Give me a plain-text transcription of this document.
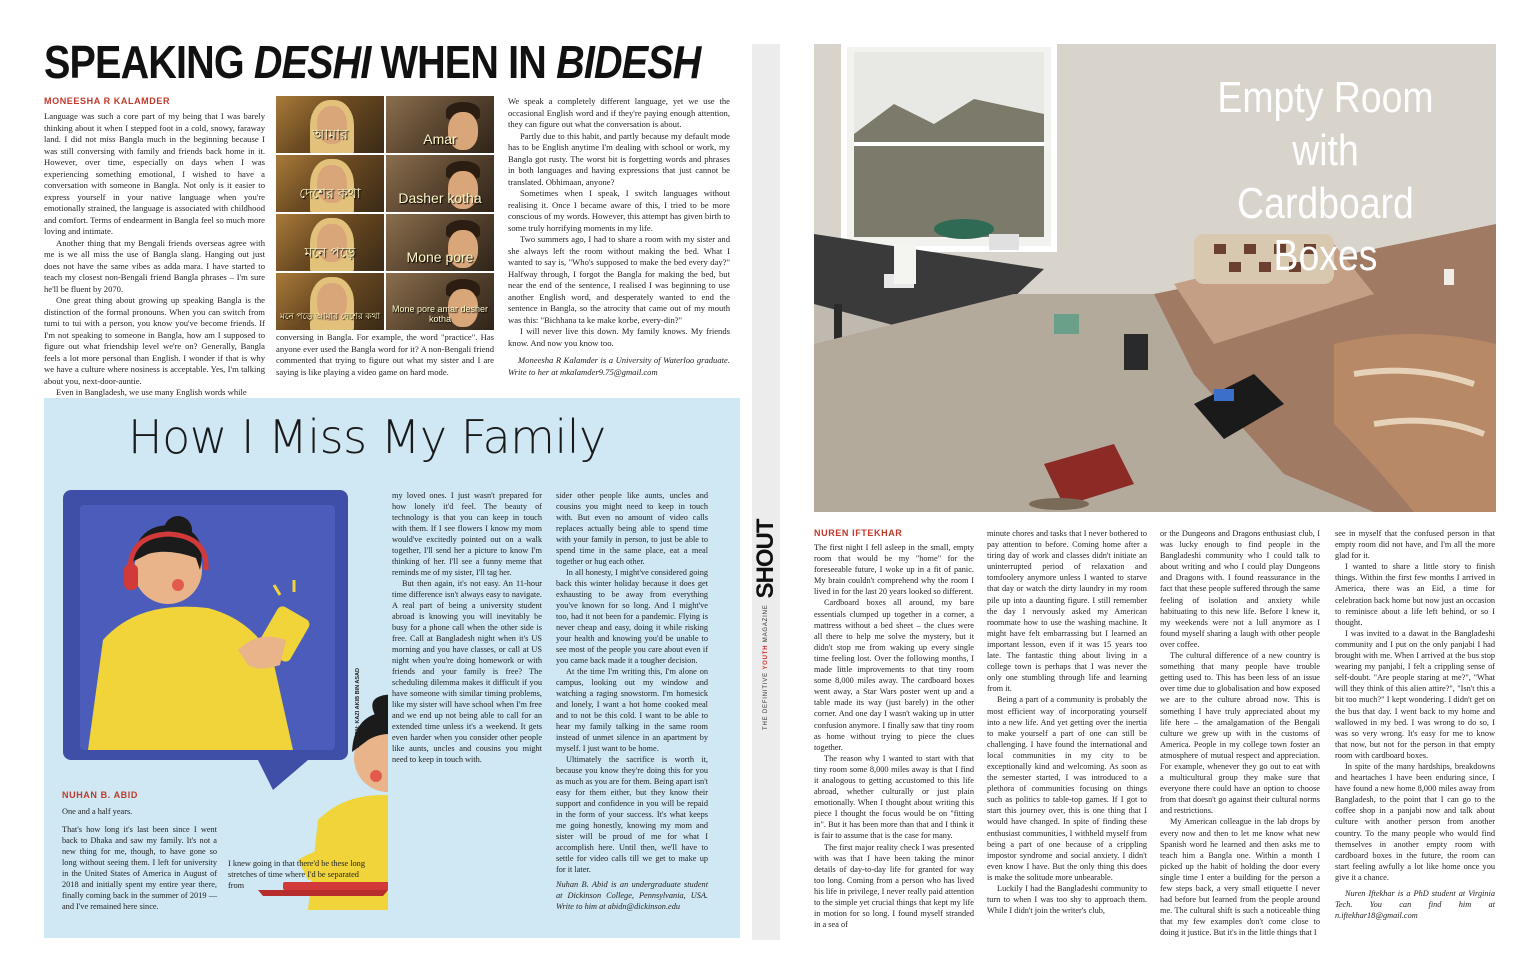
SPEAKING DESHI WHEN IN BIDESH
MONEESHA R KALAMDER

Language was such a core part of my being that I was barely thinking about it when I stepped foot in a cold, snowy, faraway land. I did not miss Bangla much in the beginning because I was still conversing with family and friends back home in it. However, over time, especially on days when I was experiencing something emotional, I wished to have a conversation with someone in Bangla. Not only is it easier to express yourself in your native language when you're emotionally strained, the language is associated with childhood and comfort. Terms of endearment in Bangla feel so much more loving and intimate.

Another thing that my Bengali friends overseas agree with me is we all miss the use of Bangla slang. Hanging out just does not have the same vibes as adda mara. I have started to teach my closest non-Bengali friend Bangla phrases – I'm sure he'll be fluent by 2070.

One great thing about growing up speaking Bangla is the distinction of the formal pronouns. When you can switch from tumi to tui with a person, you know you've become friends. If I'm not speaking to someone in Bangla, how am I supposed to figure out what friendship level we're on? Generally, Bangla feels a lot more personal than English. I wonder if that is why we have a culture where nosiness is acceptable. Yes, I'm talking about you, next-door-auntie.

Even in Bangladesh, we use many English words while

আমার	Amar
দেশের কথা	Dasher kotha
মনে পড়ে	Mone pore
মনে পড়ে আমার দেশের কথা
Mone pore amar desher kotha

conversing in Bangla. For example, the word "practice". Has anyone ever used the Bangla word for it? A non-Bengali friend commented that trying to figure out what my sister and I are saying is like playing a video game on hard mode.

We speak a completely different language, yet we use the occasional English word and if they're paying enough attention, they can figure out what the conversation is about.

Partly due to this habit, and partly because my default mode has to be English anytime I'm dealing with school or work, my Bangla got rusty. The worst bit is forgetting words and phrases in both languages and having expressions that just cannot be translated. Obhimaan, anyone?

Sometimes when I speak, I switch languages without realising it. Once I became aware of this, I tried to be more conscious of my words. However, this attempt has given birth to some truly horrifying moments in my life.

Two summers ago, I had to share a room with my sister and she always left the room without making the bed. What I wanted to say is, "Who's supposed to make the bed every day?" Halfway through, I forgot the Bangla for making the bed, but near the end of the sentence, I realised I was beginning to use another English word, and desperately wanted to end the sentence in Bangla, so the atrocity that came out of my mouth was this: "Bichhana ta ke make korbe, every-din?"

I will never live this down. My family knows. My friends know. And now you know too.

Moneesha R Kalamder is a University of Waterloo graduate. Write to her at mkalamder9.75@gmail.com

How I Miss My Family
DESIGN: KAZI AKIB BIN ASAD
NUHAN B. ABID

One and a half years.

That's how long it's last been since I went back to Dhaka and saw my family. It's not a new thing for me, though, to have gone so long without seeing them. I left for university in the United States of America in August of 2018 and initially spent my entire year there, finally coming back in the summer of 2019 — and I've remained here since.

I knew going in that there'd be these long stretches of time where I'd be separated from

my loved ones. I just wasn't prepared for how lonely it'd feel. The beauty of technology is that you can keep in touch with them. If I see flowers I know my mom would've excitedly pointed out on a walk together, I'll send her a picture to know I'm thinking of her. I'll see a funny meme that reminds me of my sister, I'll tag her.

But then again, it's not easy. An 11-hour time difference isn't always easy to navigate. A real part of being a university student abroad is knowing you will inevitably be busy for a phone call when the other side is free. Call at Bangladesh night when it's US morning and you have classes, or call at US night when you're doing homework or with friends and your family is free? The scheduling dilemma makes it difficult if you have someone with similar timing problems, like my sister will have school when I'm free and we end up not being able to call for an extended time unless it's a weekend. It gets even harder when you consider other people like aunts, uncles and cousins you might need to keep in touch with.

sider other people like aunts, uncles and cousins you might need to keep in touch with. But even no amount of video calls replaces actually being able to spend time with your family in person, to just be able to spend time in the same place, eat a meal together or hug each other.

In all honesty, I might've considered going back this winter holiday because it does get exhausting to be away from everything you've known for so long. And I might've too, had it not been for a pandemic. Flying is never cheap and easy, doing it while risking your health and knowing you'd be unable to see most of the people you care about even if you came back made it a tougher decision.

At the time I'm writing this, I'm alone on campus, looking out my window and watching a raging snowstorm. I'm homesick and lonely, I want a hot home cooked meal and to not be this cold. I want to be able to hear my family talking in the same room instead of unmet silence in an apartment by myself. I just want to be home.

Ultimately the sacrifice is worth it, because you know they're doing this for you as much as you are for them. Being apart isn't easy for them either, but they know their support and confidence in you will be repaid in the form of your success. It's what keeps me going honestly, knowing my mom and sister will be proud of me for what I accomplish here. Until then, we'll have to settle for video calls till we get to make up for it later.

Nuhan B. Abid is an undergraduate student at Dickinson College, Pennsylvania, USA. Write to him at abidn@dickinson.edu

THE DEFINITIVE YOUTH MAGAZINE
SHOUT
Empty Room with
Cardboard Boxes
NUREN IFTEKHAR

The first night I fell asleep in the small, empty room that would be my "home" for the foreseeable future, I woke up in a fit of panic. My brain couldn't comprehend why the room I lived in for the last 20 years looked so different.

Cardboard boxes all around, my bare essentials clumped up together in a corner, a mattress without a bed sheet – the clues were all there to help me solve the mystery, but it didn't stop me from waking up every single time feeling lost. Over the following months, I made little improvements to that tiny room some 8,000 miles away. The cardboard boxes went away, a Star Wars poster went up and a table made its way (just barely) in the other corner. And one day I wasn't waking up in utter confusion anymore. I finally saw that tiny room as home without trying to piece the clues together.

The reason why I wanted to start with that tiny room some 8,000 miles away is that I find it analogous to getting accustomed to this life abroad, whether culturally or just plain emotionally. When I thought about writing this piece I thought the focus would be on "fitting in". But it has been more than that and I think it is fair to assume that is the case for many.

The first major reality check I was presented with was that I have been taking the minor details of day-to-day life for granted for way too long. Coming from a person who has lived his life in privilege, I never really paid attention to the simple yet crucial things that kept my life in motion for so long. I found myself stranded in a sea of

minute chores and tasks that I never bothered to pay attention to before. Coming home after a tiring day of work and classes didn't initiate an uninterrupted period of relaxation and tomfoolery anymore unless I wanted to starve that day or watch the dirty laundry in my room pile up into a daunting figure. I still remember the day I nervously asked my American roommate how to use the washing machine. It might have felt embarrassing but I learned an important lesson, even if it was 15 years too late. The fantastic thing about living in a college town is perhaps that I was never the only one stumbling through life and learning from it.

Being a part of a community is probably the most efficient way of incorporating yourself into a new life. And yet getting over the inertia to make yourself a part of one can still be challenging. I have found the international and local communities in my city to be exceptionally kind and welcoming. As soon as the semester started, I was introduced to a plethora of communities focusing on things such as politics to table-top games. If I got to start this journey over, this is one thing that I would have changed. In spite of finding these enthusiast communities, I withheld myself from being a part of one because of a crippling impostor syndrome and social anxiety. I didn't even know I have. But the only thing this does is make the solitude more unbearable.

Luckily I had the Bangladeshi community to turn to when I was too shy to approach them. While I didn't join the writer's club,

or the Dungeons and Dragons enthusiast club, I was lucky enough to find people in the Bangladeshi community who I could talk to about writing and who I could play Dungeons and Dragons with. I found reassurance in the fact that these people suffered through the same feeling of isolation and anxiety while habituating to this new life. Before I knew it, my weekends were not a lull anymore as I found myself sharing a laugh with other people over coffee.

The cultural difference of a new country is something that many people have trouble getting used to. This has been less of an issue over time due to globalisation and how exposed we are to the culture abroad now. This is something I have truly appreciated about my life here – the amalgamation of the Bengali culture we grew up with in the customs of America. People in my college town foster an atmosphere of mutual respect and appreciation. For example, whenever they go out to eat with a multicultural group they make sure that everyone there could have an option to choose from that doesn't go against their cultural norms and restrictions.

My American colleague in the lab drops by every now and then to let me know what new Spanish word he learned and then asks me to teach him a Bangla one. Within a month I picked up the habit of holding the door every single time I enter a building for the person a few steps back, a very small etiquette I never had before but learned from the people around me. The cultural shift is such a noticeable thing that my few examples don't come close to doing it justice. But it's in the little things that I

see in myself that the confused person in that empty room did not have, and I'm all the more glad for it.

I wanted to share a little story to finish things. Within the first few months I arrived in America, there was an Eid, a time for celebration back home but now just an occasion to reminisce about a life left behind, or so I thought.

I was invited to a dawat in the Bangladeshi community and I put on the only panjabi I had brought with me. When I arrived at the bus stop wearing my panjabi, I felt a crippling sense of self-doubt. "Are people staring at me?", "What will they think of this alien attire?", "Isn't this a bit too much?" I kept wondering. I didn't get on the bus that day. I went back to my home and wallowed in my bed. I was wrong to do so, I was so very wrong. It's easy for me to know that now, but not for the person in that empty room with cardboard boxes.

In spite of the many hardships, breakdowns and heartaches I have been enduring since, I have found a new home 8,000 miles away from Bangladesh, to the point that I can go to the coffee shop in a panjabi now and talk about culture with another person from another country. To the many people who would find themselves in another empty room with cardboard boxes in the future, the room can start feeling awfully a lot like home once you give it a chance.

Nuren Iftekhar is a PhD student at Virginia Tech. You can find him at n.iftekhar18@gmail.com
